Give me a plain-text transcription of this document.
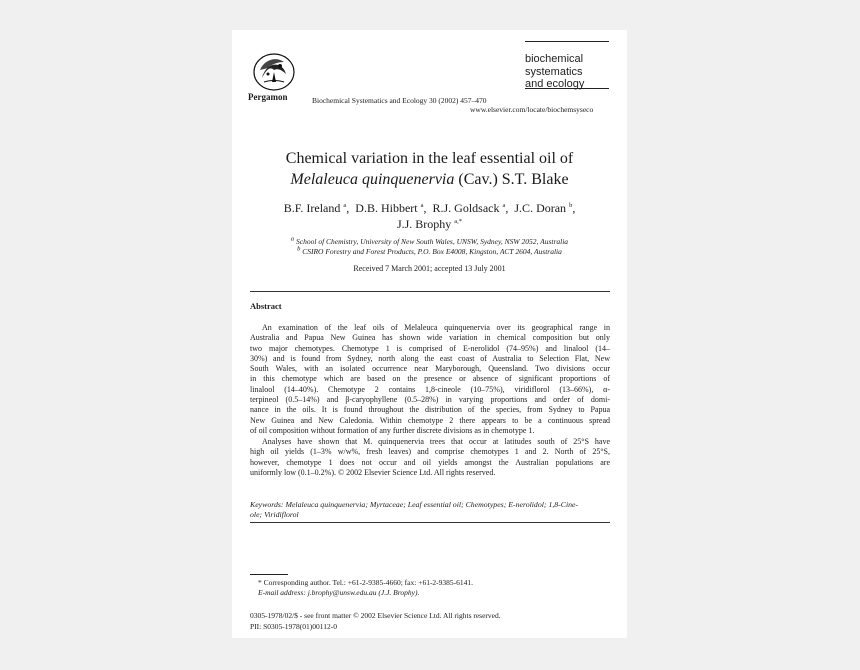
Pergamon	Biochemical Systematics and Ecology 30 (2002) 457–470
www.elsevier.com/locate/biochemsyseco
biochemical
systematics
and ecology
Chemical variation in the leaf essential oil of
Melaleuca quinquenervia (Cav.) S.T. Blake
B.F. Ireland $^a$,  D.B. Hibbert $^a$,  R.J. Goldsack $^a$,  J.C. Doran $^b$,
J.J. Brophy $^{a,*}$
$^a$ School of Chemistry, University of New South Wales, UNSW, Sydney, NSW 2052, Australia
$^b$ CSIRO Forestry and Forest Products, P.O. Box E4008, Kingston, ACT 2604, Australia
Received 7 March 2001; accepted 13 July 2001
Abstract
An examination of the leaf oils of Melaleuca quinquenervia over its geographical range in
Australia and Papua New Guinea has shown wide variation in chemical composition but only
two major chemotypes. Chemotype 1 is comprised of E-nerolidol (74–95%) and linalool (14–
30%) and is found from Sydney, north along the east coast of Australia to Selection Flat, New
South Wales, with an isolated occurrence near Maryborough, Queensland. Two divisions occur
in this chemotype which are based on the presence or absence of significant proportions of
linalool (14–40%). Chemotype 2 contains 1,8-cineole (10–75%), viridiflorol (13–66%), α-
terpineol (0.5–14%) and β-caryophyllene (0.5–28%) in varying proportions and order of domi-
nance in the oils. It is found throughout the distribution of the species, from Sydney to Papua
New Guinea and New Caledonia. Within chemotype 2 there appears to be a continuous spread
of oil composition without formation of any further discrete divisions as in chemotype 1.
Analyses have shown that M. quinquenervia trees that occur at latitudes south of 25°S have
high oil yields (1–3% w/w%, fresh leaves) and comprise chemotypes 1 and 2. North of 25°S,
however, chemotype 1 does not occur and oil yields amongst the Australian populations are
uniformly low (0.1–0.2%). © 2002 Elsevier Science Ltd. All rights reserved.
Keywords: Melaleuca quinquenervia; Myrtaceae; Leaf essential oil; Chemotypes; E-nerolidol; 1,8-Cine-
ole; Viridiflorol
* Corresponding author. Tel.: +61-2-9385-4660; fax: +61-2-9385-6141.
E-mail address: j.brophy@unsw.edu.au (J.J. Brophy).
0305-1978/02/$ - see front matter © 2002 Elsevier Science Ltd. All rights reserved.
PII: S0305-1978(01)00112-0
